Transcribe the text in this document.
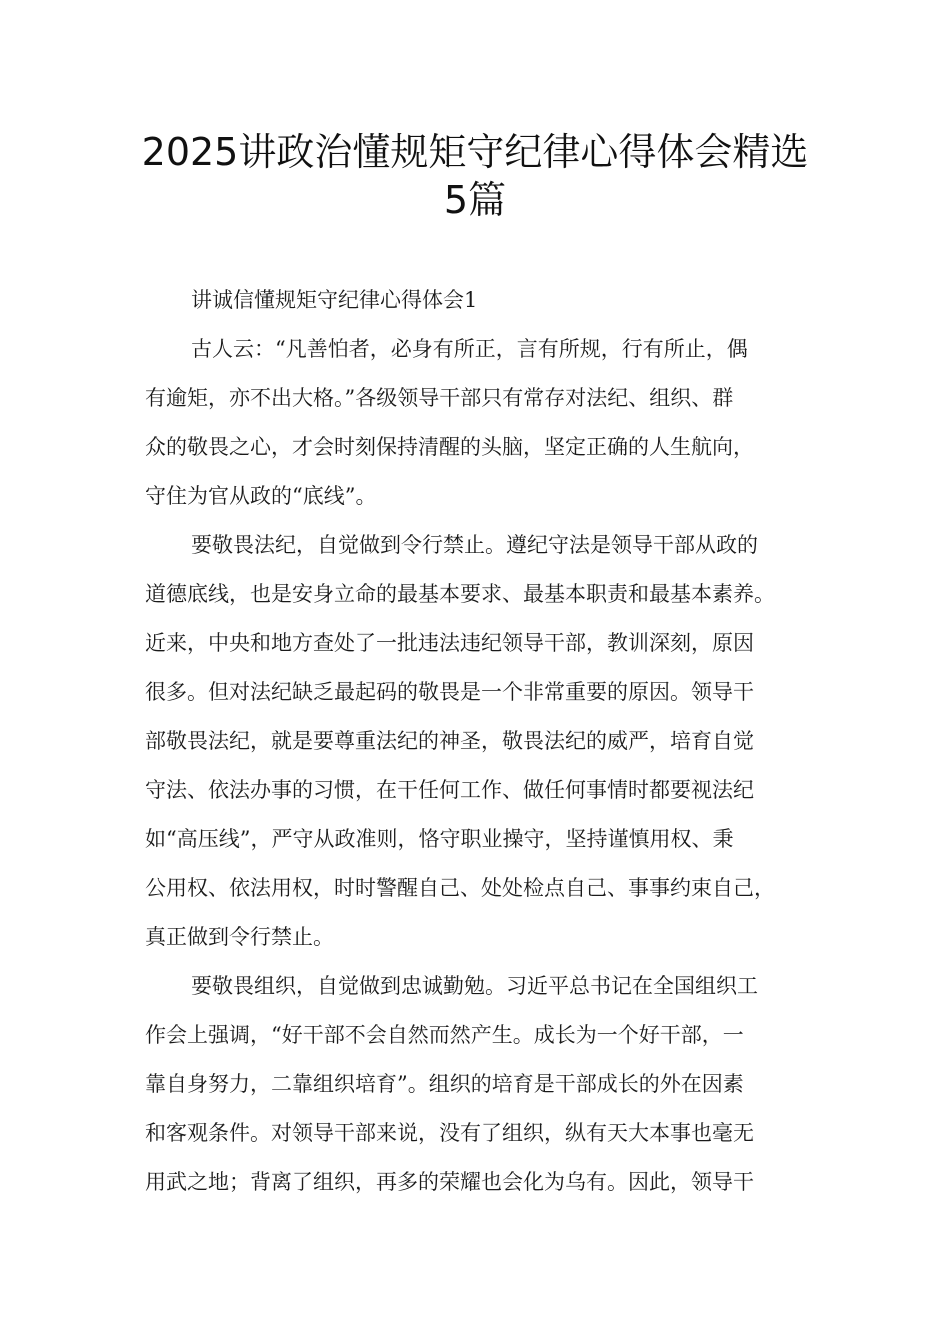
2025讲政治懂规矩守纪律心得体会精选
5篇
讲诚信懂规矩守纪律心得体会1
古人云：“凡善怕者，必身有所正，言有所规，行有所止，偶
有逾矩，亦不出大格。”各级领导干部只有常存对法纪、组织、群
众的敬畏之心，才会时刻保持清醒的头脑，坚定正确的人生航向，
守住为官从政的“底线”。
要敬畏法纪，自觉做到令行禁止。遵纪守法是领导干部从政的
道德底线，也是安身立命的最基本要求、最基本职责和最基本素养。
近来，中央和地方查处了一批违法违纪领导干部，教训深刻，原因
很多。但对法纪缺乏最起码的敬畏是一个非常重要的原因。领导干
部敬畏法纪，就是要尊重法纪的神圣，敬畏法纪的威严，培育自觉
守法、依法办事的习惯，在干任何工作、做任何事情时都要视法纪
如“高压线”，严守从政准则，恪守职业操守，坚持谨慎用权、秉
公用权、依法用权，时时警醒自己、处处检点自己、事事约束自己，
真正做到令行禁止。
要敬畏组织，自觉做到忠诚勤勉。习近平总书记在全国组织工
作会上强调，“好干部不会自然而然产生。成长为一个好干部，一
靠自身努力，二靠组织培育”。组织的培育是干部成长的外在因素
和客观条件。对领导干部来说，没有了组织，纵有天大本事也毫无
用武之地；背离了组织，再多的荣耀也会化为乌有。因此，领导干
